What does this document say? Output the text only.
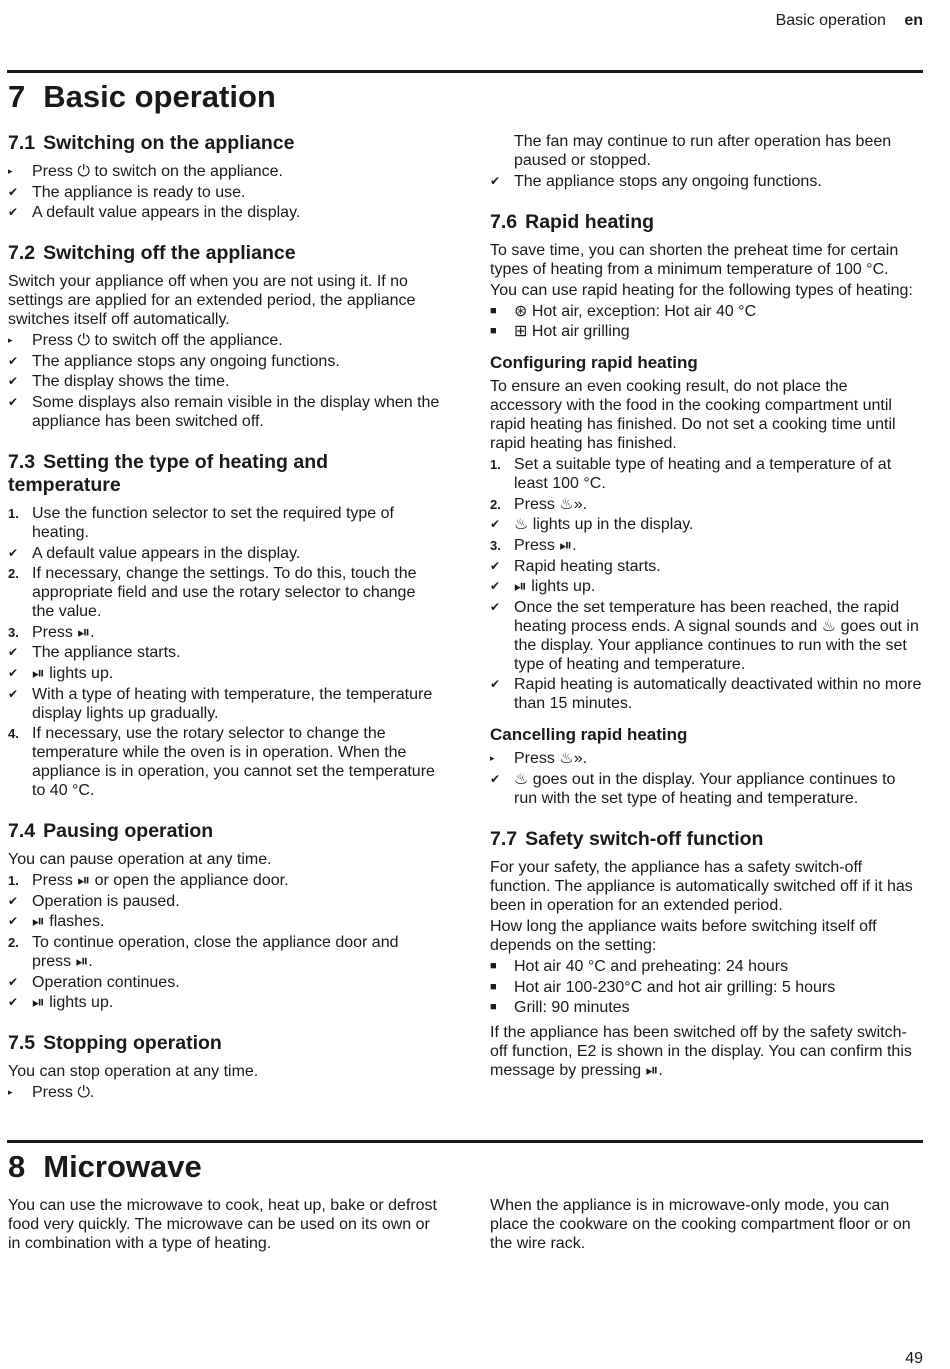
Basic operation en
7 Basic operation
7.1 Switching on the appliance
▸	Press ⏻ to switch on the appliance.
✔ The appliance is ready to use.
✔ A default value appears in the display.
7.2 Switching off the appliance

Switch your appliance off when you are not using it. If no settings are applied for an extended period, the appliance switches itself off automatically.

▸	Press ⏻ to switch off the appliance.
✔ The appliance stops any ongoing functions.
✔ The display shows the time.
✔ Some displays also remain visible in the display when the appliance has been switched off.
7.3 Setting the type of heating and temperature
1. Use the function selector to set the required type of heating.
✔ A default value appears in the display.
2. If necessary, change the settings. To do this, touch the appropriate field and use the rotary selector to change the value.
3. Press ⏯.
✔ The appliance starts.
✔ ⏯ lights up.
✔ With a type of heating with temperature, the temperature display lights up gradually.
4. If necessary, use the rotary selector to change the temperature while the oven is in operation. When the appliance is in operation, you cannot set the temperature to 40 °C.
7.4 Pausing operation

You can pause operation at any time.

1. Press ⏯ or open the appliance door.
✔ Operation is paused.
✔ ⏯ flashes.
2. To continue operation, close the appliance door and press ⏯.
✔ Operation continues.
✔ ⏯ lights up.
7.5 Stopping operation

You can stop operation at any time.

▸	Press ⏻.
The fan may continue to run after operation has been paused or stopped.
✔ The appliance stops any ongoing functions.
7.6 Rapid heating

To save time, you can shorten the preheat time for certain types of heating from a minimum temperature of 100 °C.

You can use rapid heating for the following types of heating:

■	⊛ Hot air, exception: Hot air 40 °C
■	⊞ Hot air grilling
Configuring rapid heating

To ensure an even cooking result, do not place the accessory with the food in the cooking compartment until rapid heating has finished. Do not set a cooking time until rapid heating has finished.

1. Set a suitable type of heating and a temperature of at least 100 °C.
2. Press ♨».
✔ ♨ lights up in the display.
3. Press ⏯.
✔ Rapid heating starts.
✔ ⏯ lights up.
✔ Once the set temperature has been reached, the rapid heating process ends. A signal sounds and ♨ goes out in the display. Your appliance continues to run with the set type of heating and temperature.
✔ Rapid heating is automatically deactivated within no more than 15 minutes.
Cancelling rapid heating
▸	Press ♨».
✔ ♨ goes out in the display. Your appliance continues to run with the set type of heating and temperature.
7.7 Safety switch-off function

For your safety, the appliance has a safety switch-off function. The appliance is automatically switched off if it has been in operation for an extended period.

How long the appliance waits before switching itself off depends on the setting:

■	Hot air 40 °C and preheating: 24 hours
■	Hot air 100-230°C and hot air grilling: 5 hours
■	Grill: 90 minutes

If the appliance has been switched off by the safety switch-off function, E2 is shown in the display. You can confirm this message by pressing ⏯.

8 Microwave

You can use the microwave to cook, heat up, bake or defrost food very quickly. The microwave can be used on its own or in combination with a type of heating.

When the appliance is in microwave-only mode, you can place the cookware on the cooking compartment floor or on the wire rack.

49
